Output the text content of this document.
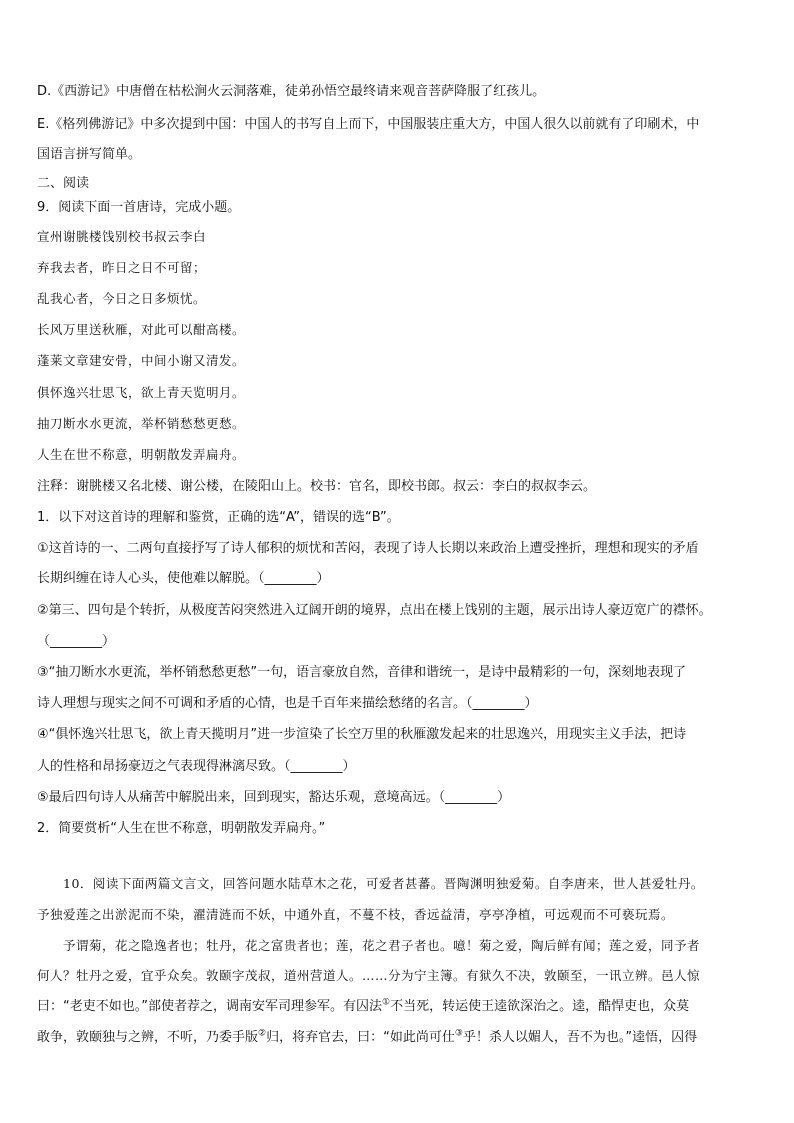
D.《西游记》中唐僧在枯松涧火云洞落难，徒弟孙悟空最终请来观音菩萨降服了红孩儿。

E.《格列佛游记》中多次提到中国：中国人的书写自上而下，中国服装庄重大方，中国人很久以前就有了印刷术，中

国语言拼写简单。

二、阅读

9．阅读下面一首唐诗，完成小题。

宣州谢朓楼饯别校书叔云李白

弃我去者，昨日之日不可留；

乱我心者，今日之日多烦忧。

长风万里送秋雁，对此可以酣高楼。

蓬莱文章建安骨，中间小谢又清发。

俱怀逸兴壮思飞，欲上青天览明月。

抽刀断水水更流，举杯销愁愁更愁。

人生在世不称意，明朝散发弄扁舟。

注释：谢朓楼又名北楼、谢公楼，在陵阳山上。校书：官名，即校书郎。叔云：李白的叔叔李云。

1．以下对这首诗的理解和鉴赏，正确的选“A”，错误的选“B”。

①这首诗的一、二两句直接抒写了诗人郁积的烦忧和苦闷，表现了诗人长期以来政治上遭受挫折，理想和现实的矛盾

长期纠缠在诗人心头，使他难以解脱。（________）

②第三、四句是个转折，从极度苦闷突然进入辽阔开朗的境界，点出在楼上饯别的主题，展示出诗人豪迈宽广的襟怀。

（________）

③“抽刀断水水更流，举杯销愁愁更愁”一句，语言豪放自然，音律和谐统一，是诗中最精彩的一句，深刻地表现了

诗人理想与现实之间不可调和矛盾的心情，也是千百年来描绘愁绪的名言。（________）

④“俱怀逸兴壮思飞，欲上青天揽明月”进一步渲染了长空万里的秋雁激发起来的壮思逸兴，用现实主义手法，把诗

人的性格和昂扬豪迈之气表现得淋漓尽致。（________）

⑤最后四句诗人从痛苦中解脱出来，回到现实，豁达乐观，意境高远。（________）

2．简要赏析“人生在世不称意，明朝散发弄扁舟。”

10．阅读下面两篇文言文，回答问题水陆草木之花，可爱者甚蕃。晋陶渊明独爱菊。自李唐来，世人甚爱牡丹。

予独爱莲之出淤泥而不染，濯清涟而不妖，中通外直，不蔓不枝，香远益清，亭亭净植，可远观而不可亵玩焉。

予谓菊，花之隐逸者也；牡丹，花之富贵者也；莲，花之君子者也。噫！菊之爱，陶后鲜有闻；莲之爱，同予者

何人？牡丹之爱，宜乎众矣。敦颐字茂叔，道州营道人。……分为宁主簿。有狱久不决，敦颐至，一讯立辨。邑人惊

曰：“老吏不如也。”部使者荐之，调南安军司理参军。有囚法①不当死，转运使王逵欲深治之。逵，酷悍吏也，众莫

敢争，敦颐独与之辨，不听，乃委手版②归，将弃官去，曰：“如此尚可仕③乎！杀人以媚人，吾不为也。”逵悟，囚得
